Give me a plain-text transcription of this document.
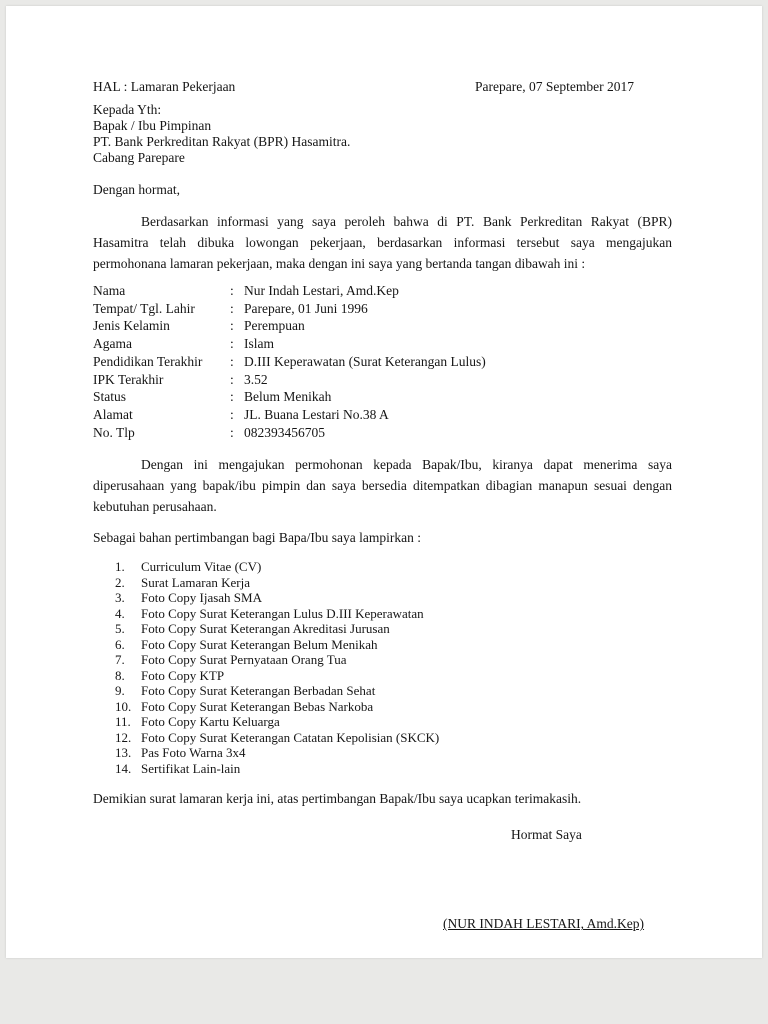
HAL : Lamaran Pekerjaan	Parepare, 07 September 2017

Kepada Yth:

Bapak / Ibu Pimpinan

PT. Bank Perkreditan Rakyat (BPR) Hasamitra.

Cabang Parepare

Dengan hormat,

Berdasarkan informasi yang saya peroleh bahwa di PT. Bank Perkreditan Rakyat (BPR) Hasamitra telah dibuka lowongan pekerjaan, berdasarkan informasi tersebut saya mengajukan permohonana lamaran pekerjaan, maka dengan ini saya yang bertanda tangan dibawah ini :

Nama	: Nur Indah Lestari, Amd.Kep
Tempat/ Tgl. Lahir	: Parepare, 01 Juni 1996
Jenis Kelamin	: Perempuan
Agama	: Islam
Pendidikan Terakhir	: D.III Keperawatan (Surat Keterangan Lulus)
IPK Terakhir	: 3.52
Status	: Belum Menikah
Alamat	: JL. Buana Lestari No.38 A
No. Tlp	: 082393456705

Dengan ini mengajukan permohonan kepada Bapak/Ibu, kiranya dapat menerima saya diperusahaan yang bapak/ibu pimpin dan saya bersedia ditempatkan dibagian manapun sesuai dengan kebutuhan perusahaan.

Sebagai bahan pertimbangan bagi Bapa/Ibu saya lampirkan :

1.	Curriculum Vitae (CV)
2.	Surat Lamaran Kerja
3.	Foto Copy Ijasah SMA
4.	Foto Copy Surat Keterangan Lulus D.III Keperawatan
5.	Foto Copy Surat Keterangan Akreditasi Jurusan
6.	Foto Copy Surat Keterangan Belum Menikah
7.	Foto Copy Surat Pernyataan Orang Tua
8.	Foto Copy KTP
9.	Foto Copy Surat Keterangan Berbadan Sehat
10. Foto Copy Surat Keterangan Bebas Narkoba
11. Foto Copy Kartu Keluarga
12. Foto Copy Surat Keterangan Catatan Kepolisian (SKCK)
13. Pas Foto Warna 3x4
14. Sertifikat Lain-lain

Demikian surat lamaran kerja ini, atas pertimbangan Bapak/Ibu saya ucapkan terimakasih.

Hormat Saya

(NUR INDAH LESTARI, Amd.Kep)
